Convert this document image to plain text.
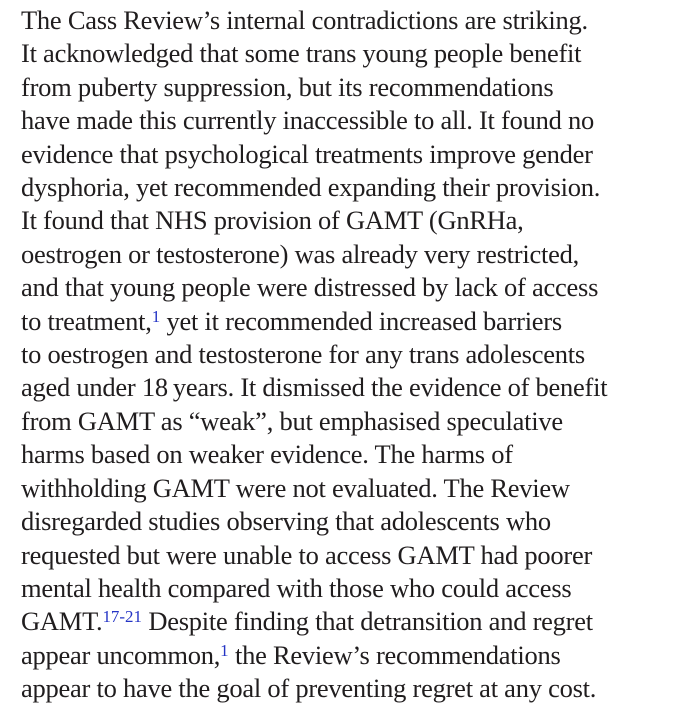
The Cass Review’s internal contradictions are striking.
It acknowledged that some trans young people benefit
from puberty suppression, but its recommendations
have made this currently inaccessible to all. It found no
evidence that psychological treatments improve gender
dysphoria, yet recommended expanding their provision.
It found that NHS provision of GAMT (GnRHa,
oestrogen or testosterone) was already very restricted,
and that young people were distressed by lack of access
to treatment,$^1$ yet it recommended increased barriers
to oestrogen and testosterone for any trans adolescents
aged under 18 years. It dismissed the evidence of benefit
from GAMT as “weak”, but emphasised speculative
harms based on weaker evidence. The harms of
withholding GAMT were not evaluated. The Review
disregarded studies observing that adolescents who
requested but were unable to access GAMT had poorer
mental health compared with those who could access
GAMT.$^{17-21}$ Despite finding that detransition and regret
appear uncommon,$^1$ the Review’s recommendations
appear to have the goal of preventing regret at any cost.
